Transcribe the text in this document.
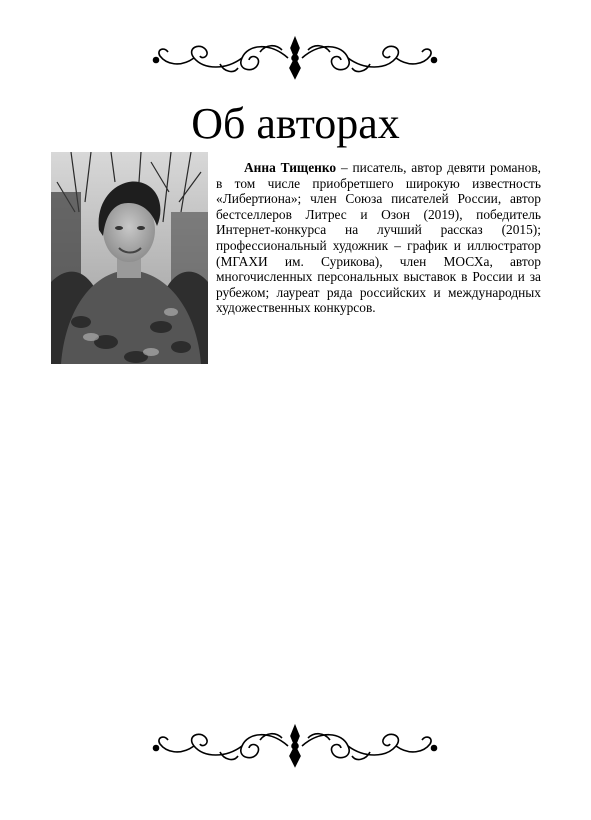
Об авторах

Анна Тищенко – писатель, автор девяти романов, в том числе приобретшего широкую известность «Либертиона»; член Союза писателей России, автор бестселлеров Литрес и Озон (2019), победитель Интернет-конкурса на лучший рассказ (2015); профессиональный художник – график и иллюстратор (МГАХИ им. Сурикова), член МОСХа, автор многочисленных персональных выставок в России и за рубежом; лауреат ряда российских и международных художественных конкурсов.
